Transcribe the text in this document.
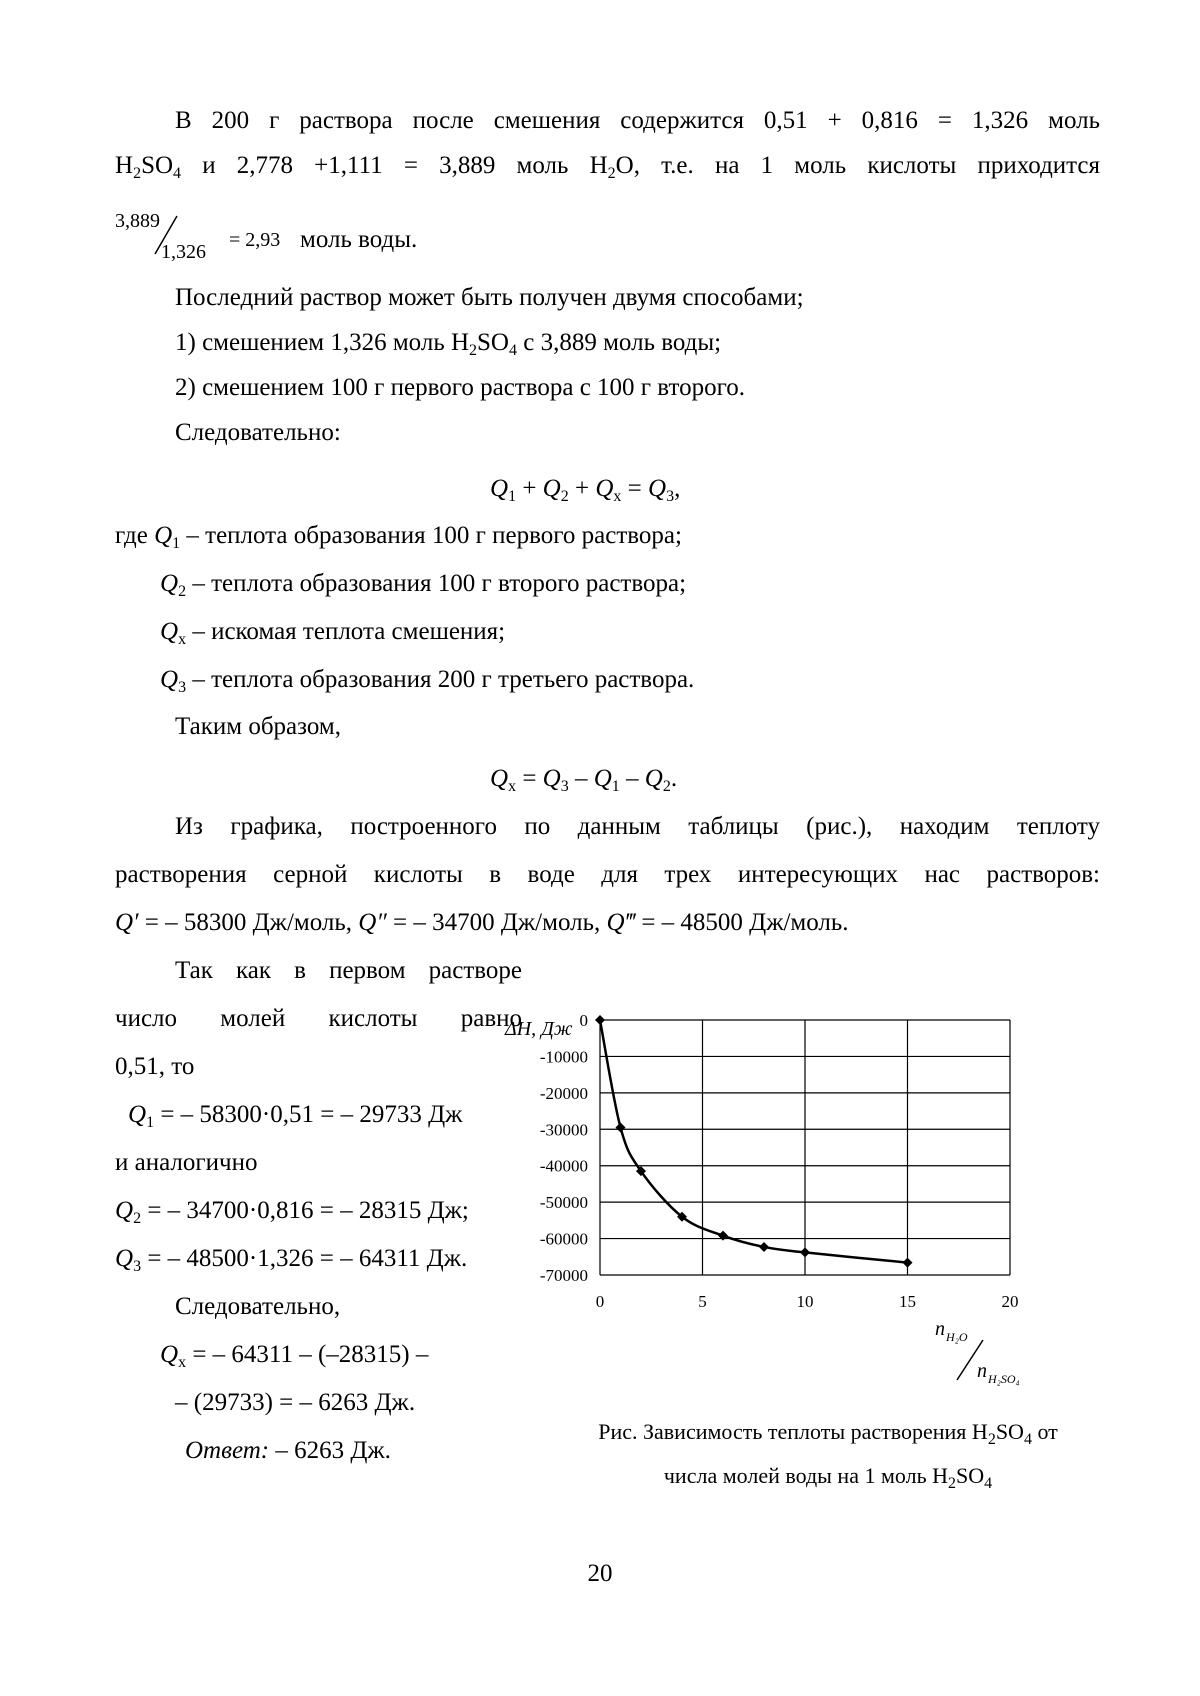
В 200 г раствора после смешения содержится 0,51 + 0,816 = 1,326 моль
$H_2SO_4$ и 2,778 +1,111 = 3,889 моль $H_2O$, т.е. на 1 моль кислоты приходится
3,889
1,326
= 2,93 моль воды.
Последний раствор может быть получен двумя способами;
1) смешением 1,326 моль $H_2SO_4$ с 3,889 моль воды;
2) смешением 100 г первого раствора с 100 г второго.
Следовательно:
$Q_1 + Q_2 + Q_x = Q_3$,
где $Q_1$ – теплота образования 100 г первого раствора;
$Q_2$ – теплота образования 100 г второго раствора;
$Q_x$ – искомая теплота смешения;
$Q_3$ – теплота образования 200 г третьего раствора.
Таким образом,
$Q_x = Q_3 - Q_1 - Q_2$.
Из графика, построенного по данным таблицы (рис.), находим теплоту
растворения серной кислоты в воде для трех интересующих нас растворов:
Q′ = – 58300 Дж/моль, Q″ = – 34700 Дж/моль, Q‴ = – 48500 Дж/моль.
Так как в первом растворе
число молей кислоты равно
0,51, то
$Q_1$ = – 58300·0,51 = – 29733 Дж
и аналогично
$Q_2$ = – 34700·0,816 = – 28315 Дж;
$Q_3$ = – 48500·1,326 = – 64311 Дж.
Следовательно,
$Q_x$ = – 64311 – (–28315) –
– (29733) = – 6263 Дж.
Ответ: – 6263 Дж.
0	5	10	15	20
0
-10000
-20000
-30000
-40000
-50000
-60000
-70000
ΔH, Дж
n H₂O
n H₂SO₄
Рис. Зависимость теплоты растворения $H_2SO_4$ от
числа молей воды на 1 моль $H_2SO_4$
20
